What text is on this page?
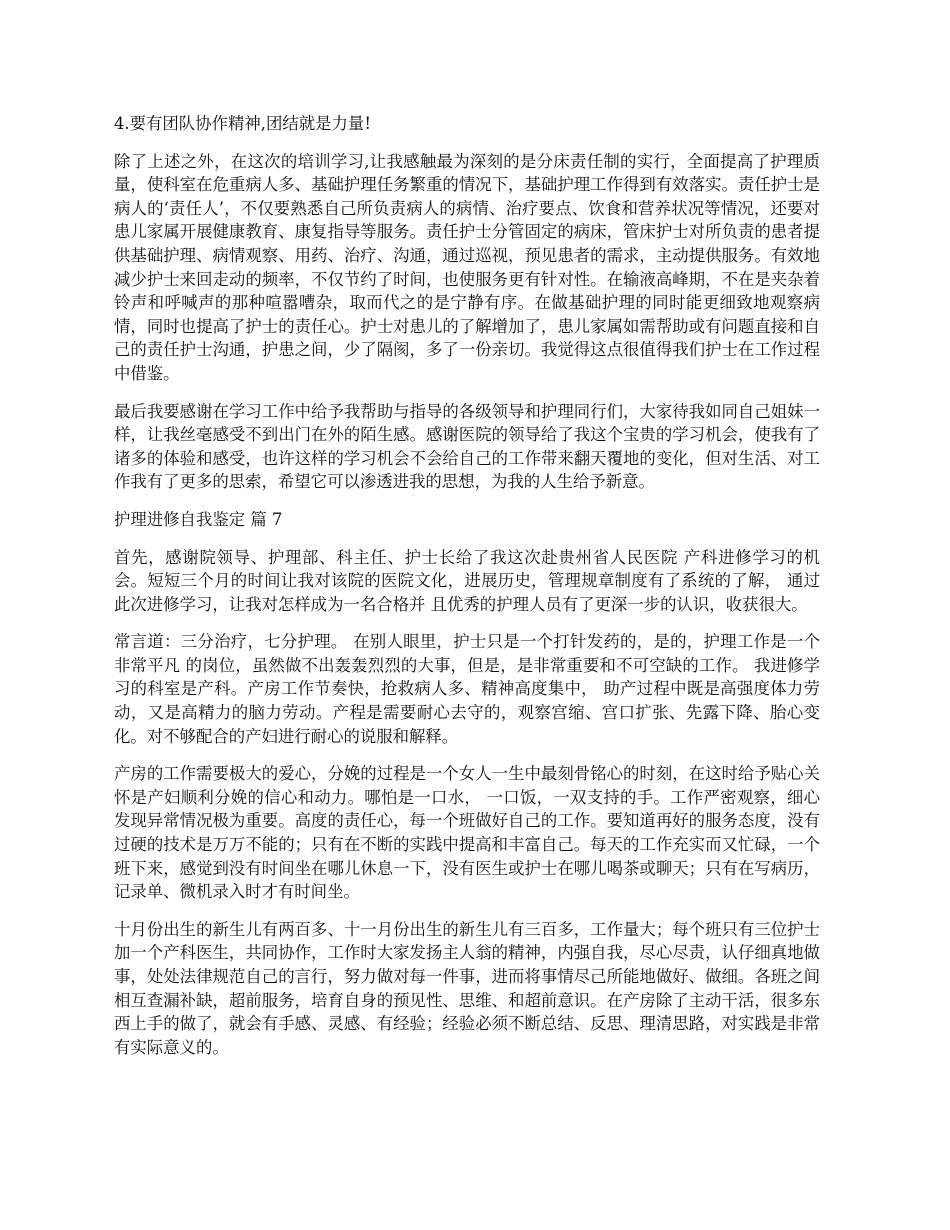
4.要有团队协作精神,团结就是力量!

除了上述之外，在这次的培训学习,让我感触最为深刻的是分床责任制的实行，全面提高了护理质量，使科室在危重病人多、基础护理任务繁重的情况下，基础护理工作得到有效落实。责任护士是病人的‘责任人’，不仅要熟悉自己所负责病人的病情、治疗要点、饮食和营养状况等情况，还要对患儿家属开展健康教育、康复指导等服务。责任护士分管固定的病床，管床护士对所负责的患者提供基础护理、病情观察、用药、治疗、沟通，通过巡视，预见患者的需求，主动提供服务。有效地减少护士来回走动的频率，不仅节约了时间，也使服务更有针对性。在输液高峰期，不在是夹杂着铃声和呼喊声的那种喧嚣嘈杂，取而代之的是宁静有序。在做基础护理的同时能更细致地观察病情，同时也提高了护士的责任心。护士对患儿的了解增加了，患儿家属如需帮助或有问题直接和自己的责任护士沟通，护患之间，少了隔阂，多了一份亲切。我觉得这点很值得我们护士在工作过程中借鉴。

最后我要感谢在学习工作中给予我帮助与指导的各级领导和护理同行们，大家待我如同自己姐妹一样，让我丝毫感受不到出门在外的陌生感。感谢医院的领导给了我这个宝贵的学习机会，使我有了诸多的体验和感受，也许这样的学习机会不会给自己的工作带来翻天覆地的变化，但对生活、对工作我有了更多的思索，希望它可以渗透进我的思想，为我的人生给予新意。

护理进修自我鉴定 篇 7

首先，感谢院领导、护理部、科主任、护士长给了我这次赴贵州省人民医院 产科进修学习的机会。短短三个月的时间让我对该院的医院文化，进展历史，管理规章制度有了系统的了解， 通过此次进修学习，让我对怎样成为一名合格并 且优秀的护理人员有了更深一步的认识，收获很大。

常言道：三分治疗，七分护理。 在别人眼里，护士只是一个打针发药的，是的，护理工作是一个非常平凡 的岗位，虽然做不出轰轰烈烈的大事，但是，是非常重要和不可空缺的工作。 我进修学习的科室是产科。产房工作节奏快，抢救病人多、精神高度集中， 助产过程中既是高强度体力劳动，又是高精力的脑力劳动。产程是需要耐心去守的，观察宫缩、宫口扩张、先露下降、胎心变化。对不够配合的产妇进行耐心的说服和解释。

产房的工作需要极大的爱心，分娩的过程是一个女人一生中最刻骨铭心的时刻，在这时给予贴心关怀是产妇顺利分娩的信心和动力。哪怕是一口水， 一口饭，一双支持的手。工作严密观察，细心发现异常情况极为重要。高度的责任心，每一个班做好自己的工作。要知道再好的服务态度，没有过硬的技术是万万不能的；只有在不断的实践中提高和丰富自己。每天的工作充实而又忙碌，一个班下来，感觉到没有时间坐在哪儿休息一下，没有医生或护士在哪儿喝茶或聊天；只有在写病历，记录单、微机录入时才有时间坐。

十月份出生的新生儿有两百多、十一月份出生的新生儿有三百多，工作量大；每个班只有三位护士加一个产科医生，共同协作，工作时大家发扬主人翁的精神，内强自我，尽心尽责，认仔细真地做事，处处法律规范自己的言行，努力做对每一件事，进而将事情尽己所能地做好、做细。各班之间相互查漏补缺，超前服务，培育自身的预见性、思维、和超前意识。在产房除了主动干活，很多东西上手的做了，就会有手感、灵感、有经验；经验必须不断总结、反思、理清思路，对实践是非常有实际意义的。
